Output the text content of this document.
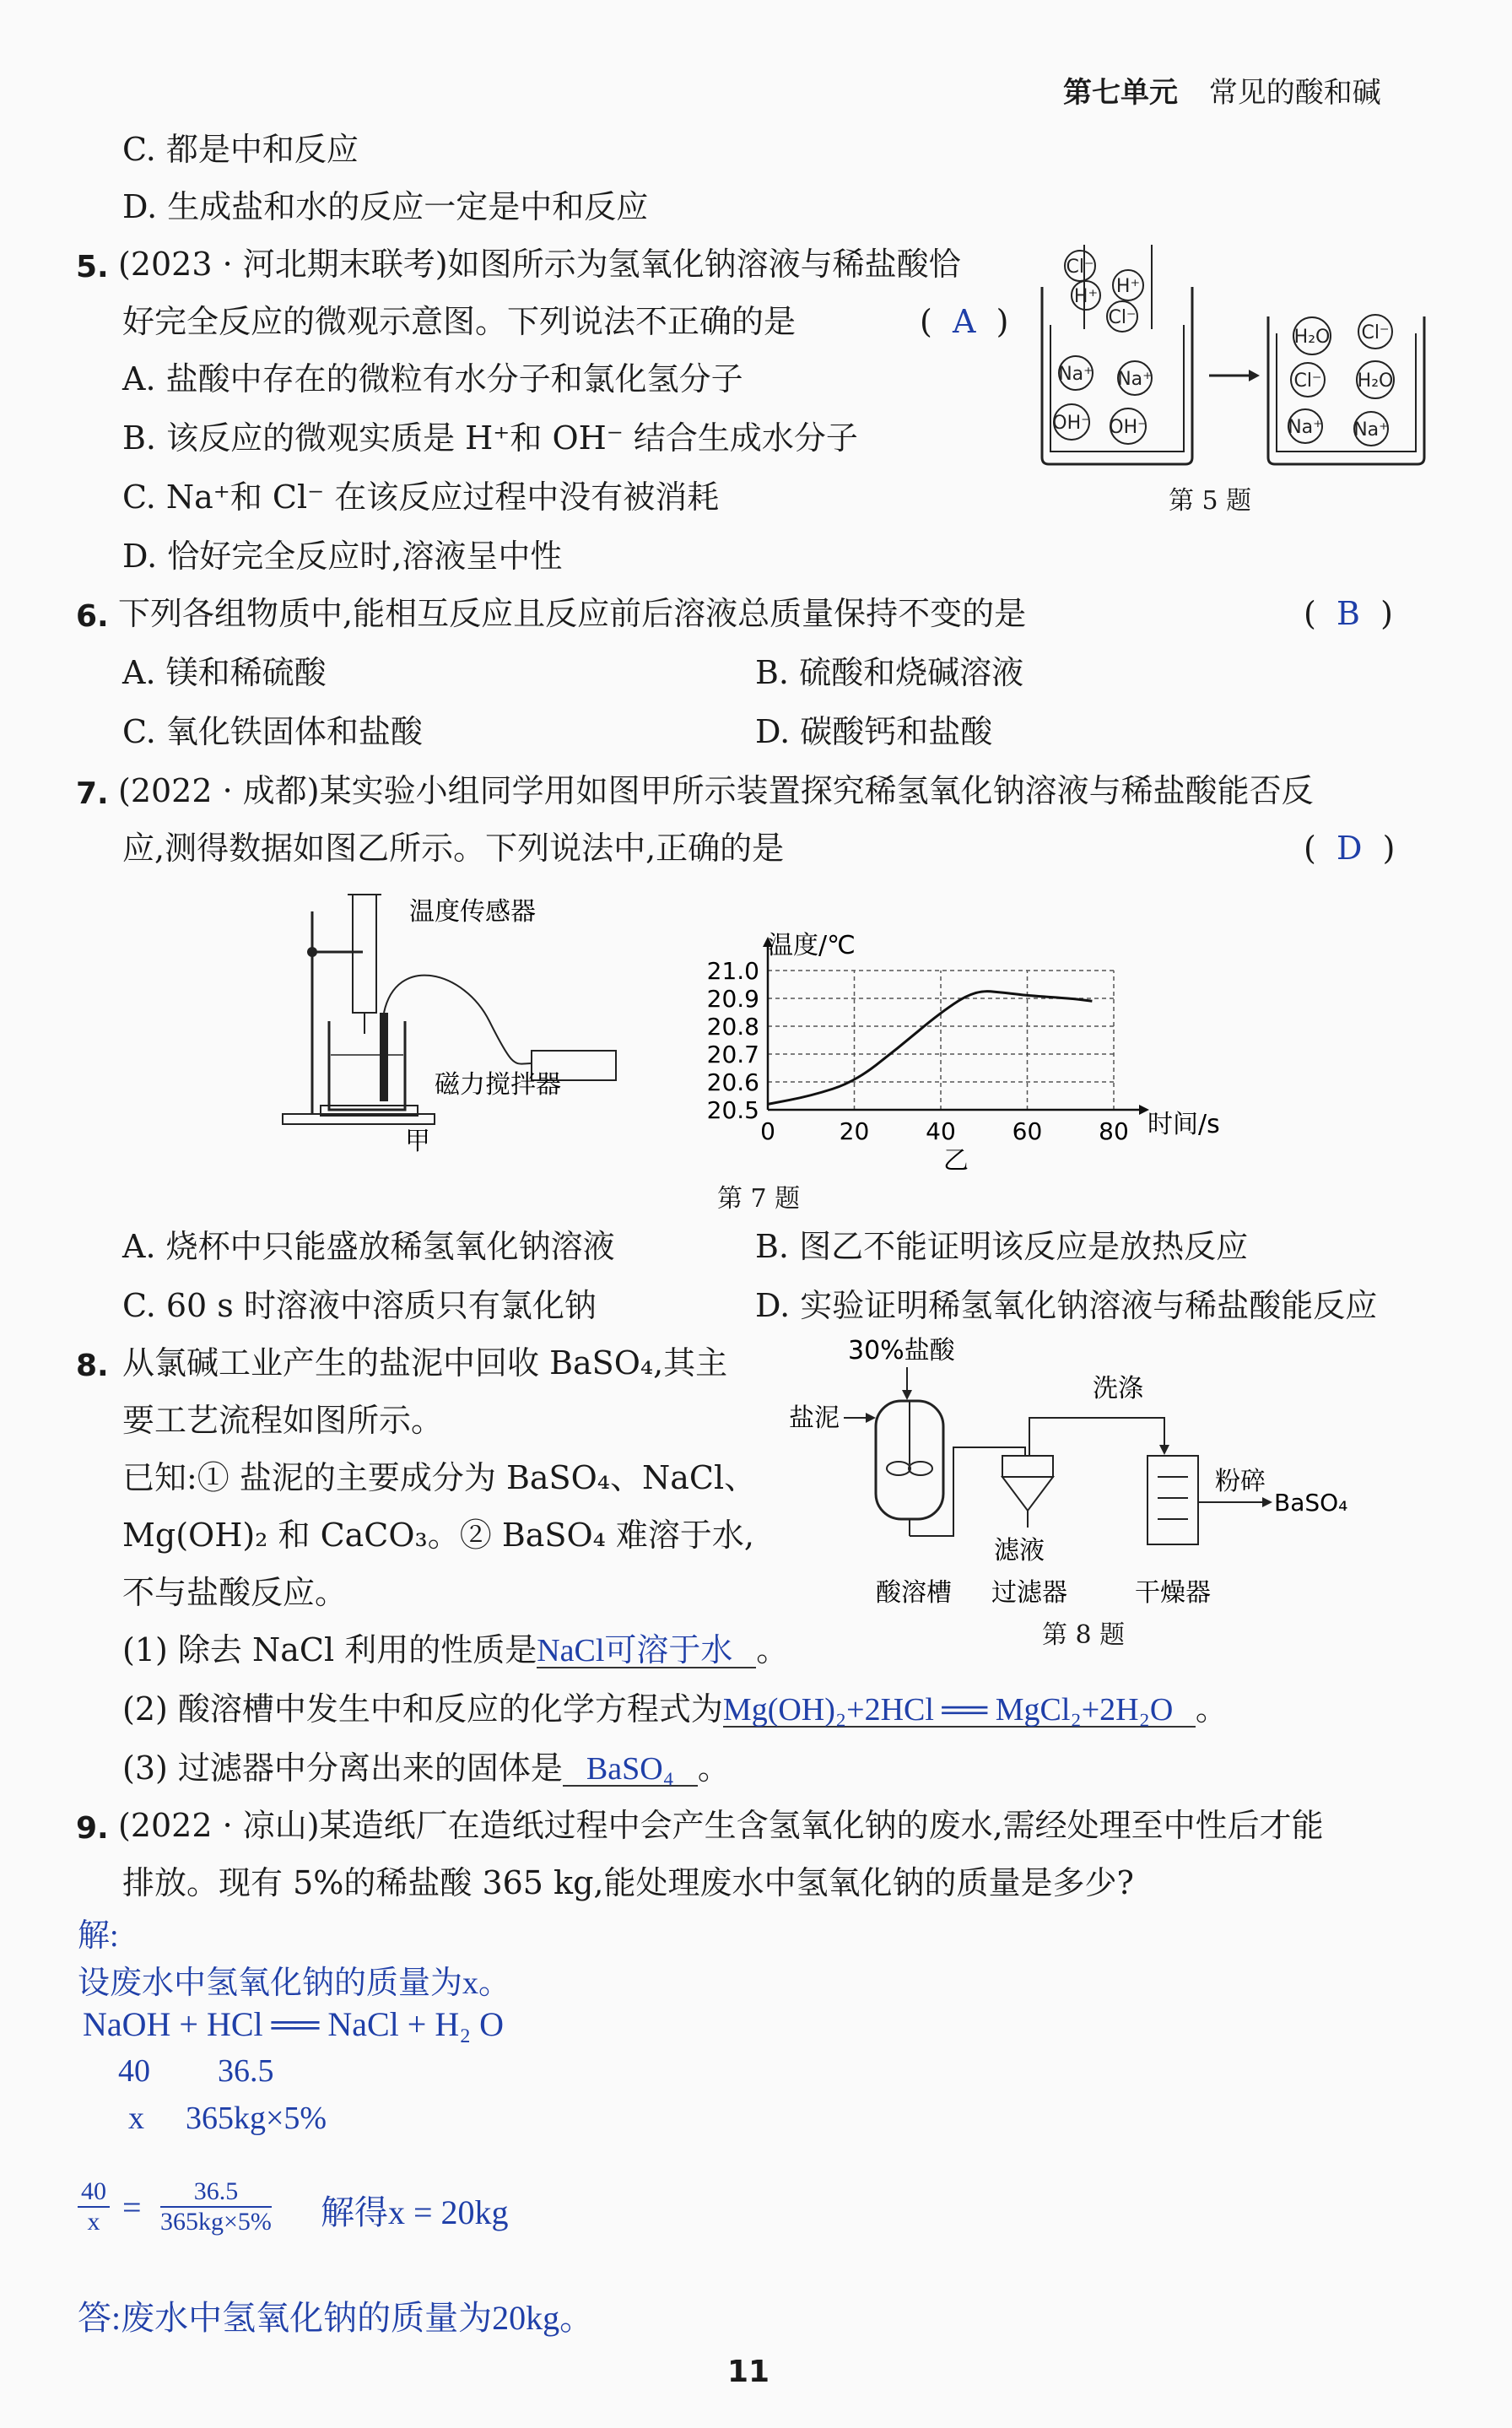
第七单元 常见的酸和碱
C. 都是中和反应
D. 生成盐和水的反应一定是中和反应
5. (2023 · 河北期末联考)如图所示为氢氧化钠溶液与稀盐酸恰
好完全反应的微观示意图。下列说法不正确的是	(  A  )
A. 盐酸中存在的微粒有水分子和氯化氢分子
B. 该反应的微观实质是 H⁺和 OH⁻ 结合生成水分子
C. Na⁺和 Cl⁻ 在该反应过程中没有被消耗
D. 恰好完全反应时,溶液呈中性
Cl⁻
H⁺ H⁺
Cl⁻
Na⁺ Na⁺
OH⁻ OH⁻
H₂O Cl⁻
Cl⁻ H₂O
Na⁺ Na⁺
第 5 题
6. 下列各组物质中,能相互反应且反应前后溶液总质量保持不变的是	(  B  )
A. 镁和稀硫酸	B. 硫酸和烧碱溶液
C. 氧化铁固体和盐酸	D. 碳酸钙和盐酸
7. (2022 · 成都)某实验小组同学用如图甲所示装置探究稀氢氧化钠溶液与稀盐酸能否反
应,测得数据如图乙所示。下列说法中,正确的是	(  D  )
温度传感器
磁力搅拌器
甲
20.5
20.6
20.7
20.8
20.9
21.0
0	20 40 60 80
温度/℃
时间/s
乙
第 7 题
A. 烧杯中只能盛放稀氢氧化钠溶液	B. 图乙不能证明该反应是放热反应
C. 60 s 时溶液中溶质只有氯化钠	D. 实验证明稀氢氧化钠溶液与稀盐酸能反应
8. 从氯碱工业产生的盐泥中回收 BaSO₄,其主
要工艺流程如图所示。
已知:① 盐泥的主要成分为 BaSO₄、NaCl、
Mg(OH)₂ 和 CaCO₃。② BaSO₄ 难溶于水,
不与盐酸反应。
30%盐酸
盐泥
洗涤
粉碎
BaSO₄
滤液
酸溶槽 过滤器	干燥器
第 8 题
(1) 除去 NaCl 利用的性质是NaCl可溶于水 。
(2) 酸溶槽中发生中和反应的化学方程式为Mg(OH)₂+2HCl ══ MgCl₂+2H₂O 。
(3) 过滤器中分离出来的固体是 BaSO₄ 。
9. (2022 · 凉山)某造纸厂在造纸过程中会产生含氢氧化钠的废水,需经处理至中性后才能
排放。现有 5%的稀盐酸 365 kg,能处理废水中氢氧化钠的质量是多少?
解:
设废水中氢氧化钠的质量为x。
NaOH + HCl ══ NaCl + H₂ O
40 36.5
x 365kg×5%
$\frac{40}{x} = \frac{36.5}{365kg\times 5\%}$ 解得x = 20kg
答:废水中氢氧化钠的质量为20kg。
11
